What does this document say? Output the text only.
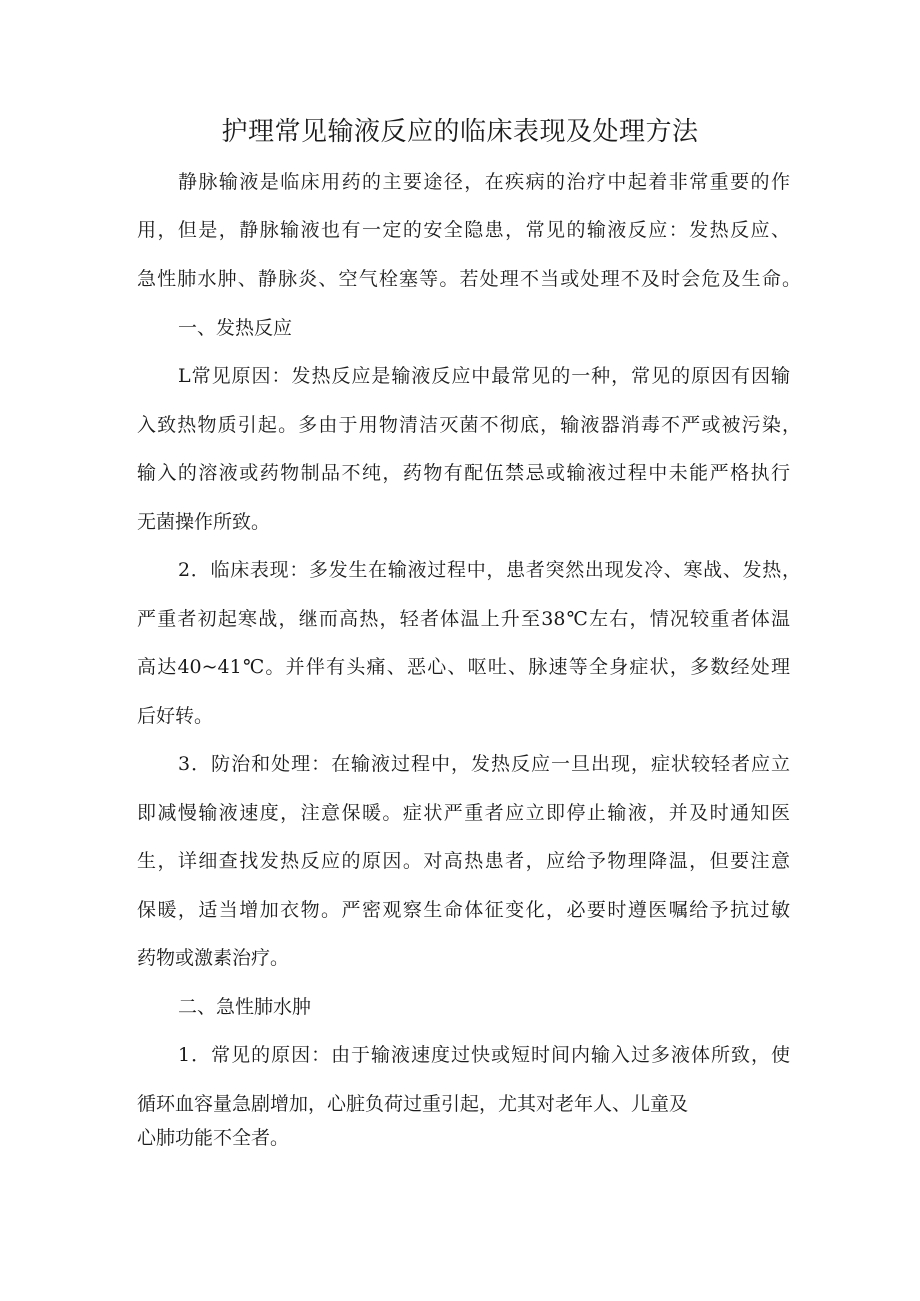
护理常见输液反应的临床表现及处理方法
静脉输液是临床用药的主要途径，在疾病的治疗中起着非常重要的作
用，但是，静脉输液也有一定的安全隐患，常见的输液反应：发热反应、
急性肺水肿、静脉炎、空气栓塞等。若处理不当或处理不及时会危及生命。
一、发热反应
L常见原因：发热反应是输液反应中最常见的一种，常见的原因有因输
入致热物质引起。多由于用物清洁灭菌不彻底，输液器消毒不严或被污染，
输入的溶液或药物制品不纯，药物有配伍禁忌或输液过程中未能严格执行
无菌操作所致。
2．临床表现：多发生在输液过程中，患者突然出现发冷、寒战、发热，
严重者初起寒战，继而高热，轻者体温上升至38℃左右，情况较重者体温
高达40~41℃。并伴有头痛、恶心、呕吐、脉速等全身症状，多数经处理
后好转。
3．防治和处理：在输液过程中，发热反应一旦出现，症状较轻者应立
即减慢输液速度，注意保暖。症状严重者应立即停止输液，并及时通知医
生，详细查找发热反应的原因。对高热患者，应给予物理降温，但要注意
保暖，适当增加衣物。严密观察生命体征变化，必要时遵医嘱给予抗过敏
药物或激素治疗。
二、急性肺水肿
1．常见的原因：由于输液速度过快或短时间内输入过多液体所致，使
循环血容量急剧增加，心脏负荷过重引起，尤其对老年人、儿童及
心肺功能不全者。
